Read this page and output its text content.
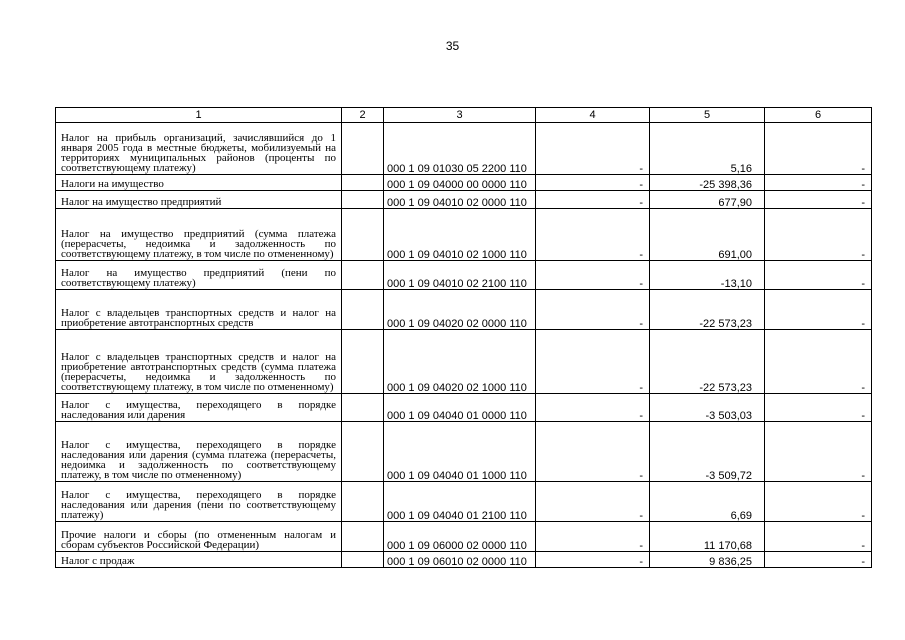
35
1	2	3	4	5	6
Налог на прибыль организаций, зачислявшийся до 1 января 2005 года в местные бюджеты, мобилизуемый на территориях муниципальных районов (проценты по соответствующему платежу)		000 1 09 01030 05 2200 110	-	5,16	-
Налоги на имущество		000 1 09 04000 00 0000 110	-	-25 398,36	-
Налог на имущество предприятий		000 1 09 04010 02 0000 110	-	677,90	-
Налог на имущество предприятий (сумма платежа (перерасчеты, недоимка и задолженность по соответствующему платежу, в том числе по отмененному)		000 1 09 04010 02 1000 110	-	691,00	-
Налог на имущество предприятий (пени по соответствующему платежу)		000 1 09 04010 02 2100 110	-	-13,10	-
Налог с владельцев транспортных средств и налог на приобретение автотранспортных средств		000 1 09 04020 02 0000 110	-	-22 573,23	-
Налог с владельцев транспортных средств и налог на приобретение автотранспортных средств (сумма платежа (перерасчеты, недоимка и задолженность по соответствующему платежу, в том числе по отмененному)		000 1 09 04020 02 1000 110	-	-22 573,23	-
Налог с имущества, переходящего в порядке наследования или дарения		000 1 09 04040 01 0000 110	-	-3 503,03	-
Налог с имущества, переходящего в порядке наследования или дарения (сумма платежа (перерасчеты, недоимка и задолженность по соответствующему платежу, в том числе по отмененному)		000 1 09 04040 01 1000 110	-	-3 509,72	-
Налог с имущества, переходящего в порядке наследования или дарения (пени по соответствующему платежу)		000 1 09 04040 01 2100 110	-	6,69	-
Прочие налоги и сборы (по отмененным налогам и сборам субъектов Российской Федерации)		000 1 09 06000 02 0000 110	-	11 170,68	-
Налог с продаж		000 1 09 06010 02 0000 110	-	9 836,25	-
